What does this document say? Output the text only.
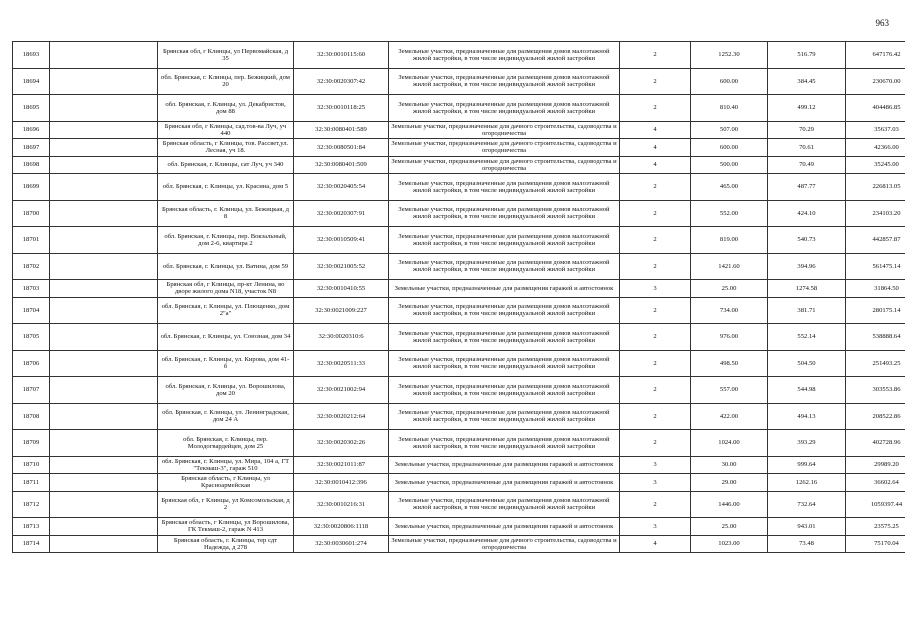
963
18693		Брянская обл, г Клинцы, ул Первомайская, д 35	32:30:0010115:60	Земельные участки, предназначенные для размещения домов малоэтажной жилой застройки, в том числе индивидуальной жилой застройки	2	1252.30	516.79	647176.42
18694		обл. Брянская, г. Клинцы, пер. Бежицкий, дом 20	32:30:0020307:42	Земельные участки, предназначенные для размещения домов малоэтажной жилой застройки, в том числе индивидуальной жилой застройки	2	600.00	384.45	230670.00
18695		обл. Брянская, г. Клинцы, ул. Декабристов, дом 88	32:30:0010118:25	Земельные участки, предназначенные для размещения домов малоэтажной жилой застройки, в том числе индивидуальной жилой застройки	2	810.40	499.12	404486.85
18696		Брянская обл, г Клинцы, сад.тов-ва Луч, уч 440	32:30:0080401:589	Земельные участки, предназначенные для дачного строительства, садоводства и огородничества	4	507.00	70.29	35637.03
18697		Брянская область, г Клинцы, тов. Рассвет,ул. Лесная, уч 18.	32:30:0080501:84	Земельные участки, предназначенные для дачного строительства, садоводства и огородничества	4	600.00	70.61	42366.00
18698		обл. Брянская, г. Клинцы, сат Луч, уч 340	32:30:0080401:509	Земельные участки, предназначенные для дачного строительства, садоводства и огородничества	4	500.00	70.49	35245.00
18699		обл. Брянская, г. Клинцы, ул. Красина, дом 5	32:30:0020405:54	Земельные участки, предназначенные для размещения домов малоэтажной жилой застройки, в том числе индивидуальной жилой застройки	2	465.00	487.77	226813.05
18700		Брянская область, г. Клинцы, ул. Бежицкая, д 8	32:30:0020307:91	Земельные участки, предназначенные для размещения домов малоэтажной жилой застройки, в том числе индивидуальной жилой застройки	2	552.00	424.10	234103.20
18701		обл. Брянская, г. Клинцы, пер. Вокзальный, дом 2-6, квартира 2	32:30:0010509:41	Земельные участки, предназначенные для размещения домов малоэтажной жилой застройки, в том числе индивидуальной жилой застройки	2	819.00	540.73	442857.87
18702		обл. Брянская, г. Клинцы, ул. Ватина, дом 59	32:30:0021005:52	Земельные участки, предназначенные для размещения домов малоэтажной жилой застройки, в том числе индивидуальной жилой застройки	2	1421.60	394.96	561475.14
18703		Брянская обл, г Клинцы, пр-кт Ленина, во дворе жилого дома N18, участок N8	32:30:0010410:55	Земельные участки, предназначенные для размещения гаражей и автостоянок	3	25.00	1274.58	31864.50
18704		обл. Брянская, г. Клинцы, ул. Плющенко, дом 2"а"	32:30:0021009:227	Земельные участки, предназначенные для размещения домов малоэтажной жилой застройки, в том числе индивидуальной жилой застройки	2	734.00	381.71	280175.14
18705		обл. Брянская, г. Клинцы, ул. Союзная, дом 34	32:30:0020310:6	Земельные участки, предназначенные для размещения домов малоэтажной жилой застройки, в том числе индивидуальной жилой застройки	2	976.00	552.14	538888.64
18706		обл. Брянская, г. Клинцы, ул. Кирова, дом 41-б	32:30:0020511:33	Земельные участки, предназначенные для размещения домов малоэтажной жилой застройки, в том числе индивидуальной жилой застройки	2	498.50	504.50	251493.25
18707		обл. Брянская, г. Клинцы, ул. Ворошилова, дом 20	32:30:0021002:94	Земельные участки, предназначенные для размещения домов малоэтажной жилой застройки, в том числе индивидуальной жилой застройки	2	557.00	544.98	303553.86
18708		обл. Брянская, г. Клинцы, ул. Ленинградская, дом 24 А	32:30:0020212:64	Земельные участки, предназначенные для размещения домов малоэтажной жилой застройки, в том числе индивидуальной жилой застройки	2	422.00	494.13	208522.86
18709		обл. Брянская, г. Клинцы, пер. Молодогвардейцев, дом 25	32:30:0020302:26	Земельные участки, предназначенные для размещения домов малоэтажной жилой застройки, в том числе индивидуальной жилой застройки	2	1024.00	393.29	402728.96
18710		обл. Брянская, г. Клинцы, ул. Мира, 104 а, ГТ "Текмаш-3", гараж 510	32:30:0021011:87	Земельные участки, предназначенные для размещения гаражей и автостоянок	3	30.00	999.64	29989.20
18711		Брянская область, г Клинцы, ул Красноармейская	32:30:0010412:396	Земельные участки, предназначенные для размещения гаражей и автостоянок	3	29.00	1262.16	36602.64
18712		Брянская обл, г Клинцы, ул Комсомольская, д 2	32:30:0010216:31	Земельные участки, предназначенные для размещения домов малоэтажной жилой застройки, в том числе индивидуальной жилой застройки	2	1446.00	732.64	1059397.44
18713		Брянская область, г Клинцы, ул Ворошилова, ГК Текмаш-2, гараж N 413	32:30:0020806:1118	Земельные участки, предназначенные для размещения гаражей и автостоянок	3	25.00	943.01	23575.25
18714		Брянская область, г. Клинцы, тер сдт Надежда, д 278	32:30:0030601:274	Земельные участки, предназначенные для дачного строительства, садоводства и огородничества	4	1023.00	73.48	75170.04
